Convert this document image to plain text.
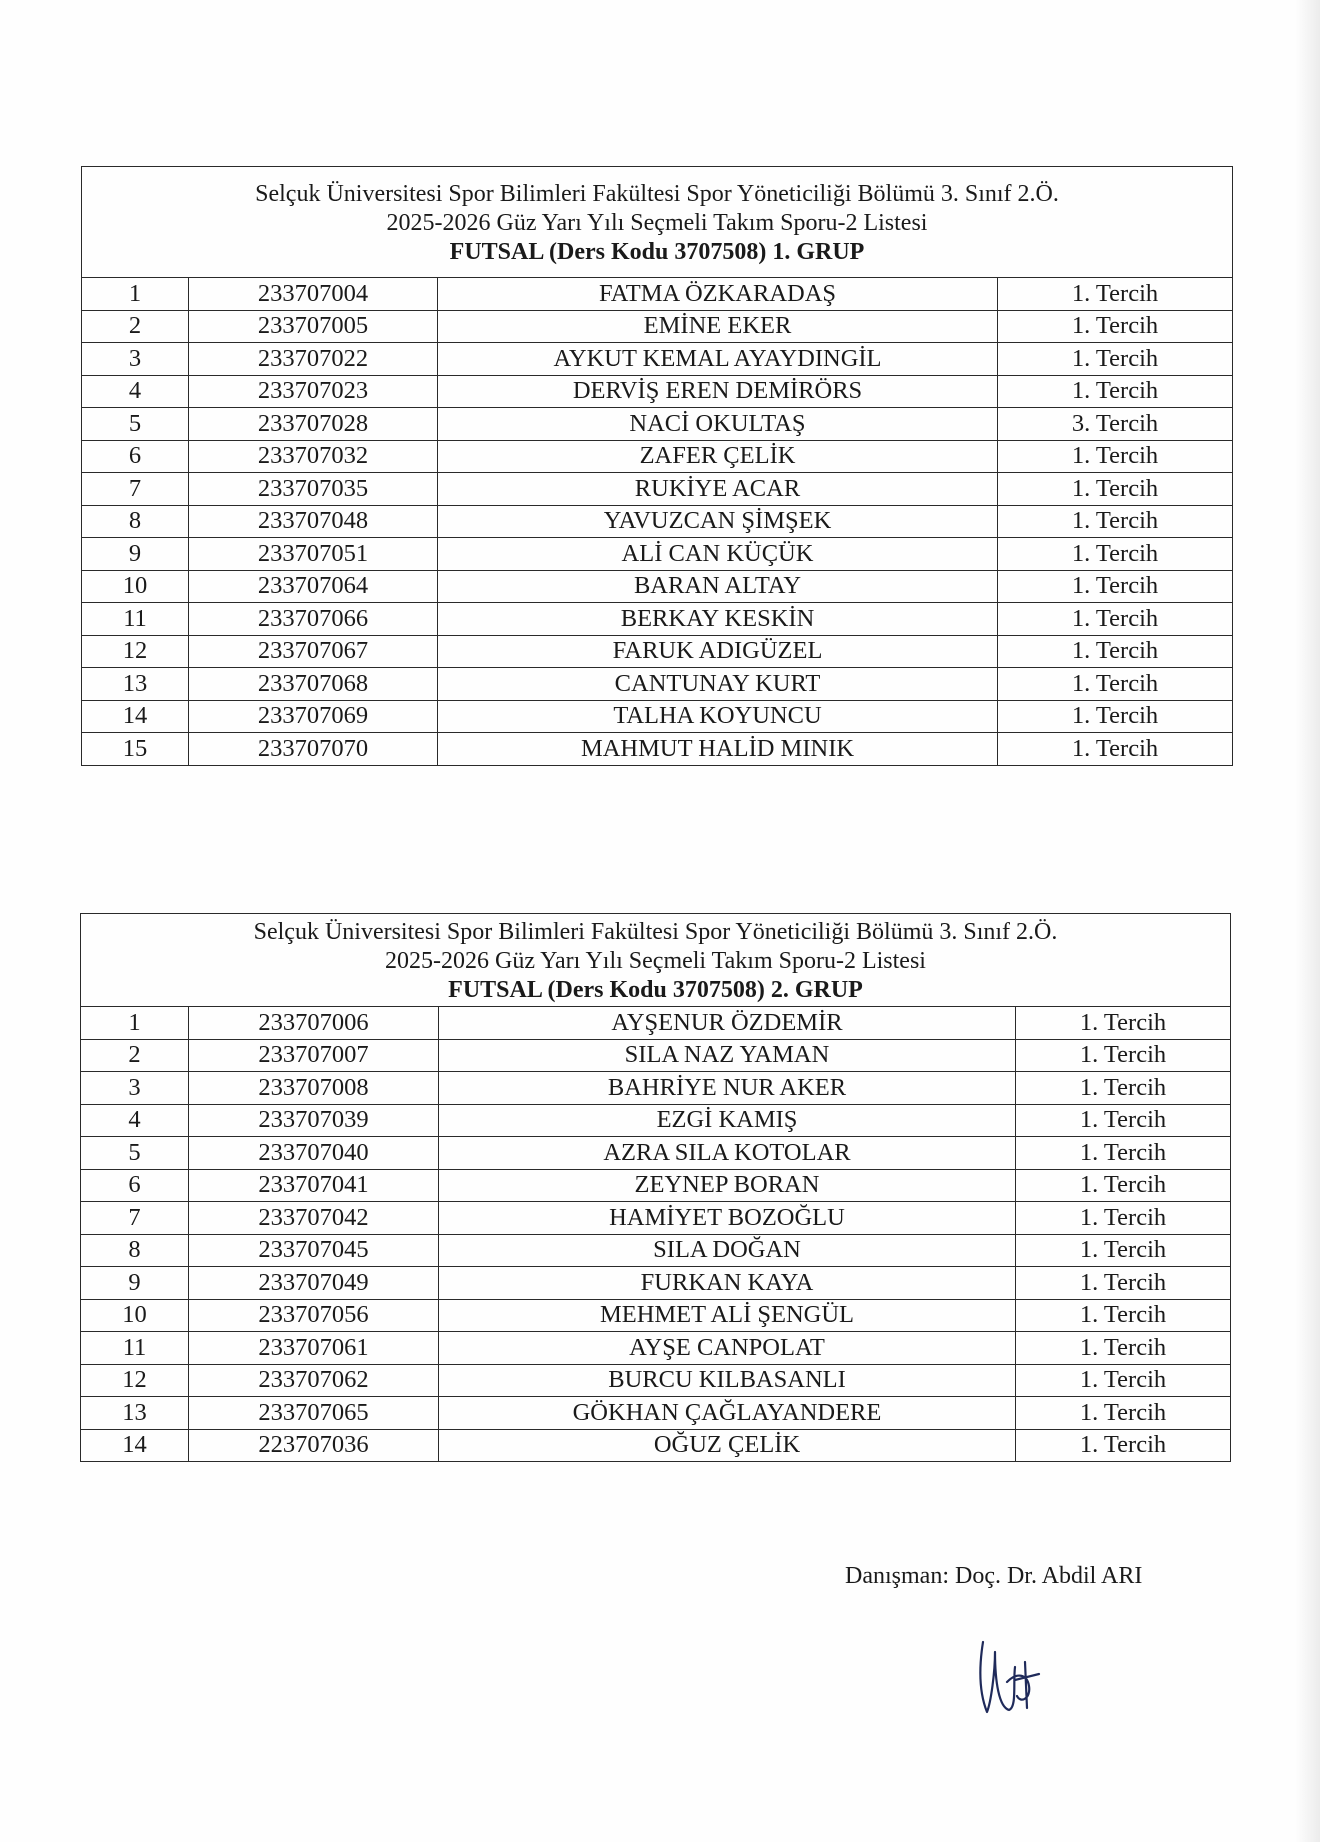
Selçuk Üniversitesi Spor Bilimleri Fakültesi Spor Yöneticiliği Bölümü 3. Sınıf 2.Ö.
2025-2026 Güz Yarı Yılı Seçmeli Takım Sporu-2 Listesi
FUTSAL (Ders Kodu 3707508) 1. GRUP			

1	233707004	FATMA ÖZKARADAŞ	1. Tercih
2	233707005	EMİNE EKER	1. Tercih
3	233707022	AYKUT KEMAL AYAYDINGİL	1. Tercih
4	233707023	DERVİŞ EREN DEMİRÖRS	1. Tercih
5	233707028	NACİ OKULTAŞ	3. Tercih
6	233707032	ZAFER ÇELİK	1. Tercih
7	233707035	RUKİYE ACAR	1. Tercih
8	233707048	YAVUZCAN ŞİMŞEK	1. Tercih
9	233707051	ALİ CAN KÜÇÜK	1. Tercih
10	233707064	BARAN ALTAY	1. Tercih
11	233707066	BERKAY KESKİN	1. Tercih
12	233707067	FARUK ADIGÜZEL	1. Tercih
13	233707068	CANTUNAY KURT	1. Tercih
14	233707069	TALHA KOYUNCU	1. Tercih
15	233707070	MAHMUT HALİD MINIK	1. Tercih
Selçuk Üniversitesi Spor Bilimleri Fakültesi Spor Yöneticiliği Bölümü 3. Sınıf 2.Ö.
2025-2026 Güz Yarı Yılı Seçmeli Takım Sporu-2 Listesi
FUTSAL (Ders Kodu 3707508) 2. GRUP			

1	233707006	AYŞENUR ÖZDEMİR	1. Tercih
2	233707007	SILA NAZ YAMAN	1. Tercih
3	233707008	BAHRİYE NUR AKER	1. Tercih
4	233707039	EZGİ KAMIŞ	1. Tercih
5	233707040	AZRA SILA KOTOLAR	1. Tercih
6	233707041	ZEYNEP BORAN	1. Tercih
7	233707042	HAMİYET BOZOĞLU	1. Tercih
8	233707045	SILA DOĞAN	1. Tercih
9	233707049	FURKAN KAYA	1. Tercih
10	233707056	MEHMET ALİ ŞENGÜL	1. Tercih
11	233707061	AYŞE CANPOLAT	1. Tercih
12	233707062	BURCU KILBASANLI	1. Tercih
13	233707065	GÖKHAN ÇAĞLAYANDERE	1. Tercih
14	223707036	OĞUZ ÇELİK	1. Tercih
Danışman: Doç. Dr. Abdil ARI
